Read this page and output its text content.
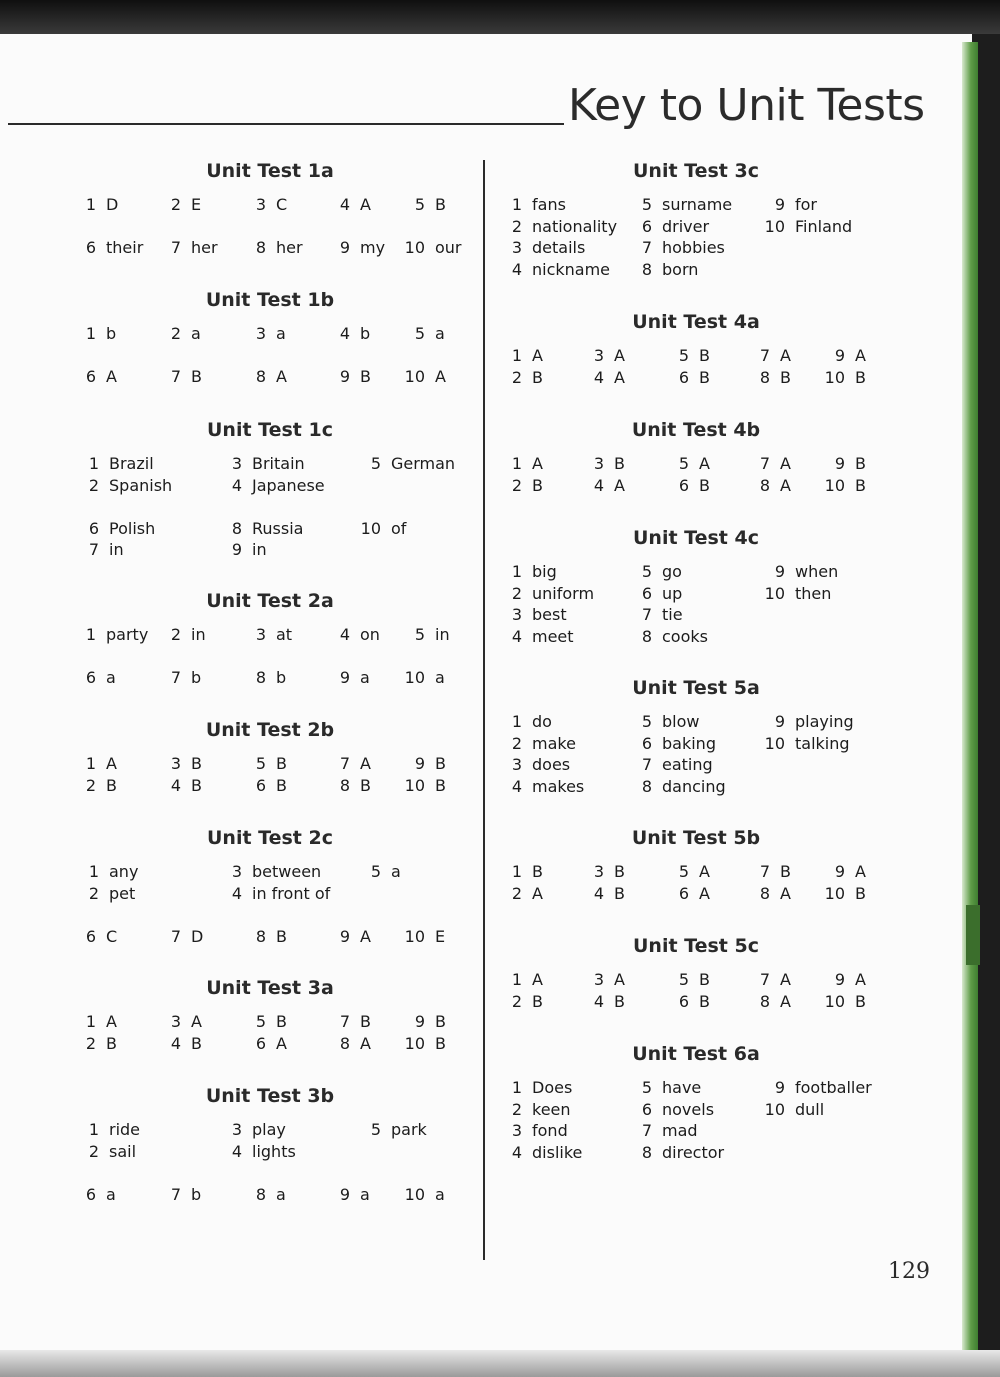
Key to Unit Tests
Unit Test 1a
1 D	2 E	3 C	4 A	5 B
6 their	7 her	8 her	9 my 10 our
Unit Test 1b
1 b	2 a	3 a	4 b	5 a
6 A	7 B	8 A	9 B 10 A
Unit Test 1c
1 Brazil	3 Britain	5 German
2 Spanish	4 Japanese
6 Polish	8 Russia	10 of
7 in	9 in
Unit Test 2a
1 party	2 in	3 at	4 on	5 in
6 a	7 b	8 b	9 a 10 a
Unit Test 2b
1 A	3 B	5 B	7 A	9 B
2 B	4 B	6 B	8 B 10 B
Unit Test 2c
1 any	3 between	5 a
2 pet	4 in front of
6 C	7 D	8 B	9 A 10 E
Unit Test 3a
1 A	3 A	5 B	7 B	9 B
2 B	4 B	6 A	8 A 10 B
Unit Test 3b
1 ride	3 play	5 park
2 sail	4 lights
6 a	7 b	8 a	9 a 10 a
Unit Test 3c
1 fans	5 surname	9 for
2 nationality	6 driver	10 Finland
3 details	7 hobbies
4 nickname	8 born
Unit Test 4a
1 A	3 A	5 B	7 A	9 A
2 B	4 A	6 B	8 B 10 B
Unit Test 4b
1 A	3 B	5 A	7 A	9 B
2 B	4 A	6 B	8 A 10 B
Unit Test 4c
1 big	5 go	9 when
2 uniform	6 up	10 then
3 best	7 tie
4 meet	8 cooks
Unit Test 5a
1 do	5 blow	9 playing
2 make	6 baking	10 talking
3 does	7 eating
4 makes	8 dancing
Unit Test 5b
1 B	3 B	5 A	7 B	9 A
2 A	4 B	6 A	8 A 10 B
Unit Test 5c
1 A	3 A	5 B	7 A	9 A
2 B	4 B	6 B	8 A 10 B
Unit Test 6a
1 Does	5 have	9 footballer
2 keen	6 novels	10 dull
3 fond	7 mad
4 dislike	8 director
129
